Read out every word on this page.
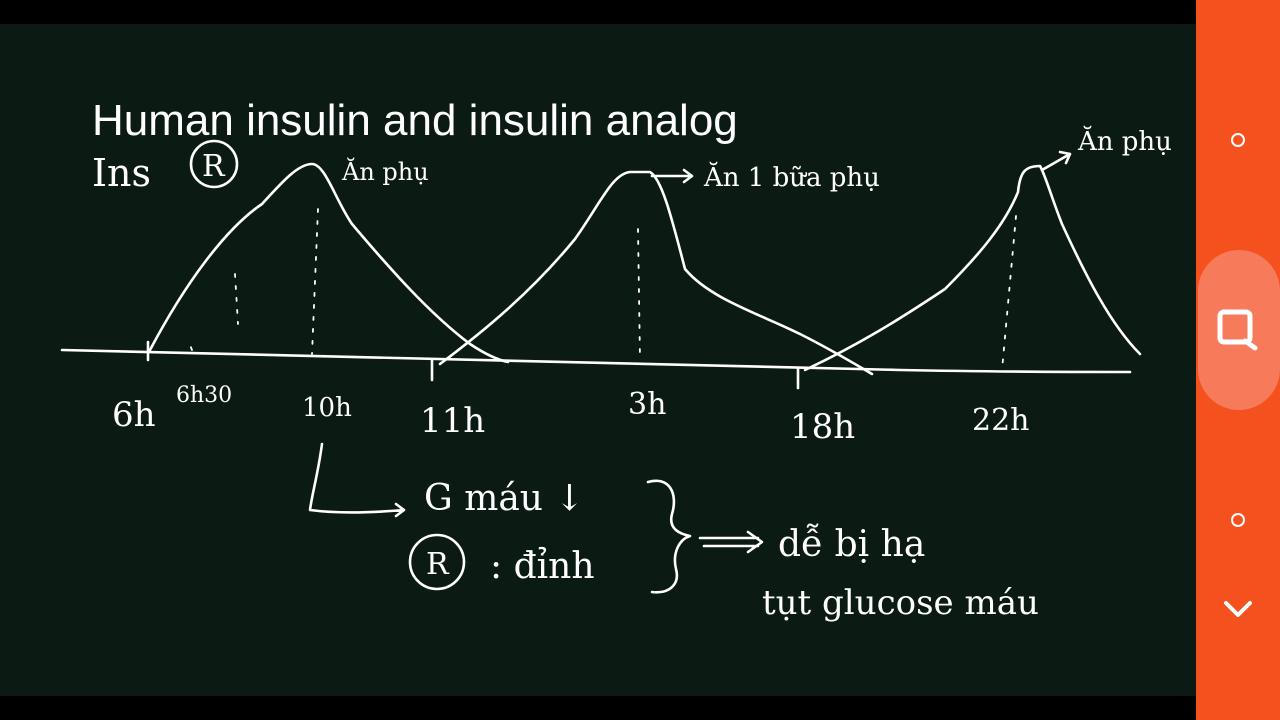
Human insulin and insulin analog
Ins R	Ăn phụ	Ăn 1 bữa phụ
Ăn phụ
6h 6h30	10h 11h	3h
18h	22h
G máu ↓
R : đỉnh
dễ bị hạ
tụt glucose máu
